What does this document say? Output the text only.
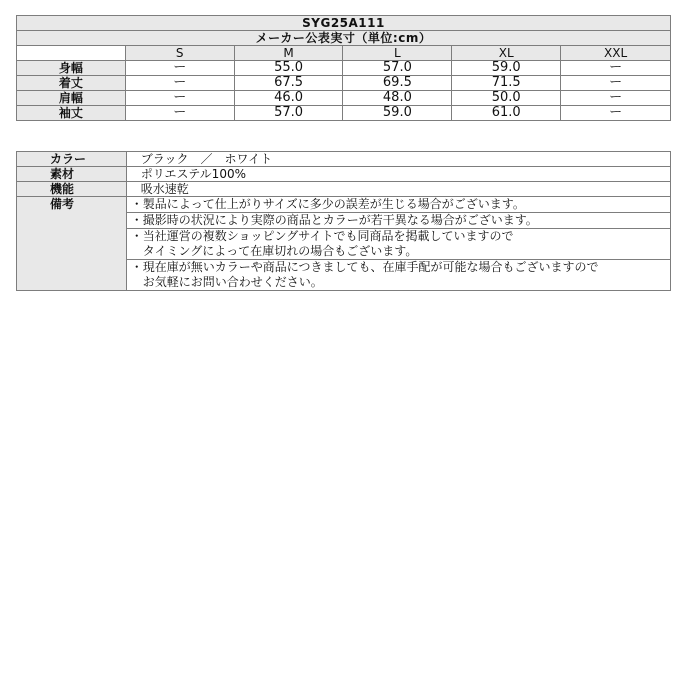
SYG25A111					
メーカー公表実寸（単位:cm）					
	S	M	L	XL	XXL
身幅	ー	55.0	57.0	59.0	ー
着丈	ー	67.5	69.5	71.5	ー
肩幅	ー	46.0	48.0	50.0	ー
袖丈	ー	57.0	59.0	61.0	ー
カラー	ブラック　／　ホワイト
素材	ポリエステル100%
機能	吸水速乾
備考	・製品によって仕上がりサイズに多少の誤差が生じる場合がございます。

	・撮影時の状況により実際の商品とカラーが若干異なる場合がございます。

	・当社運営の複数ショッピングサイトでも同商品を掲載していますので
　タイミングによって在庫切れの場合もございます。

	・現在庫が無いカラーや商品につきましても、在庫手配が可能な場合もございますので
　お気軽にお問い合わせください。
